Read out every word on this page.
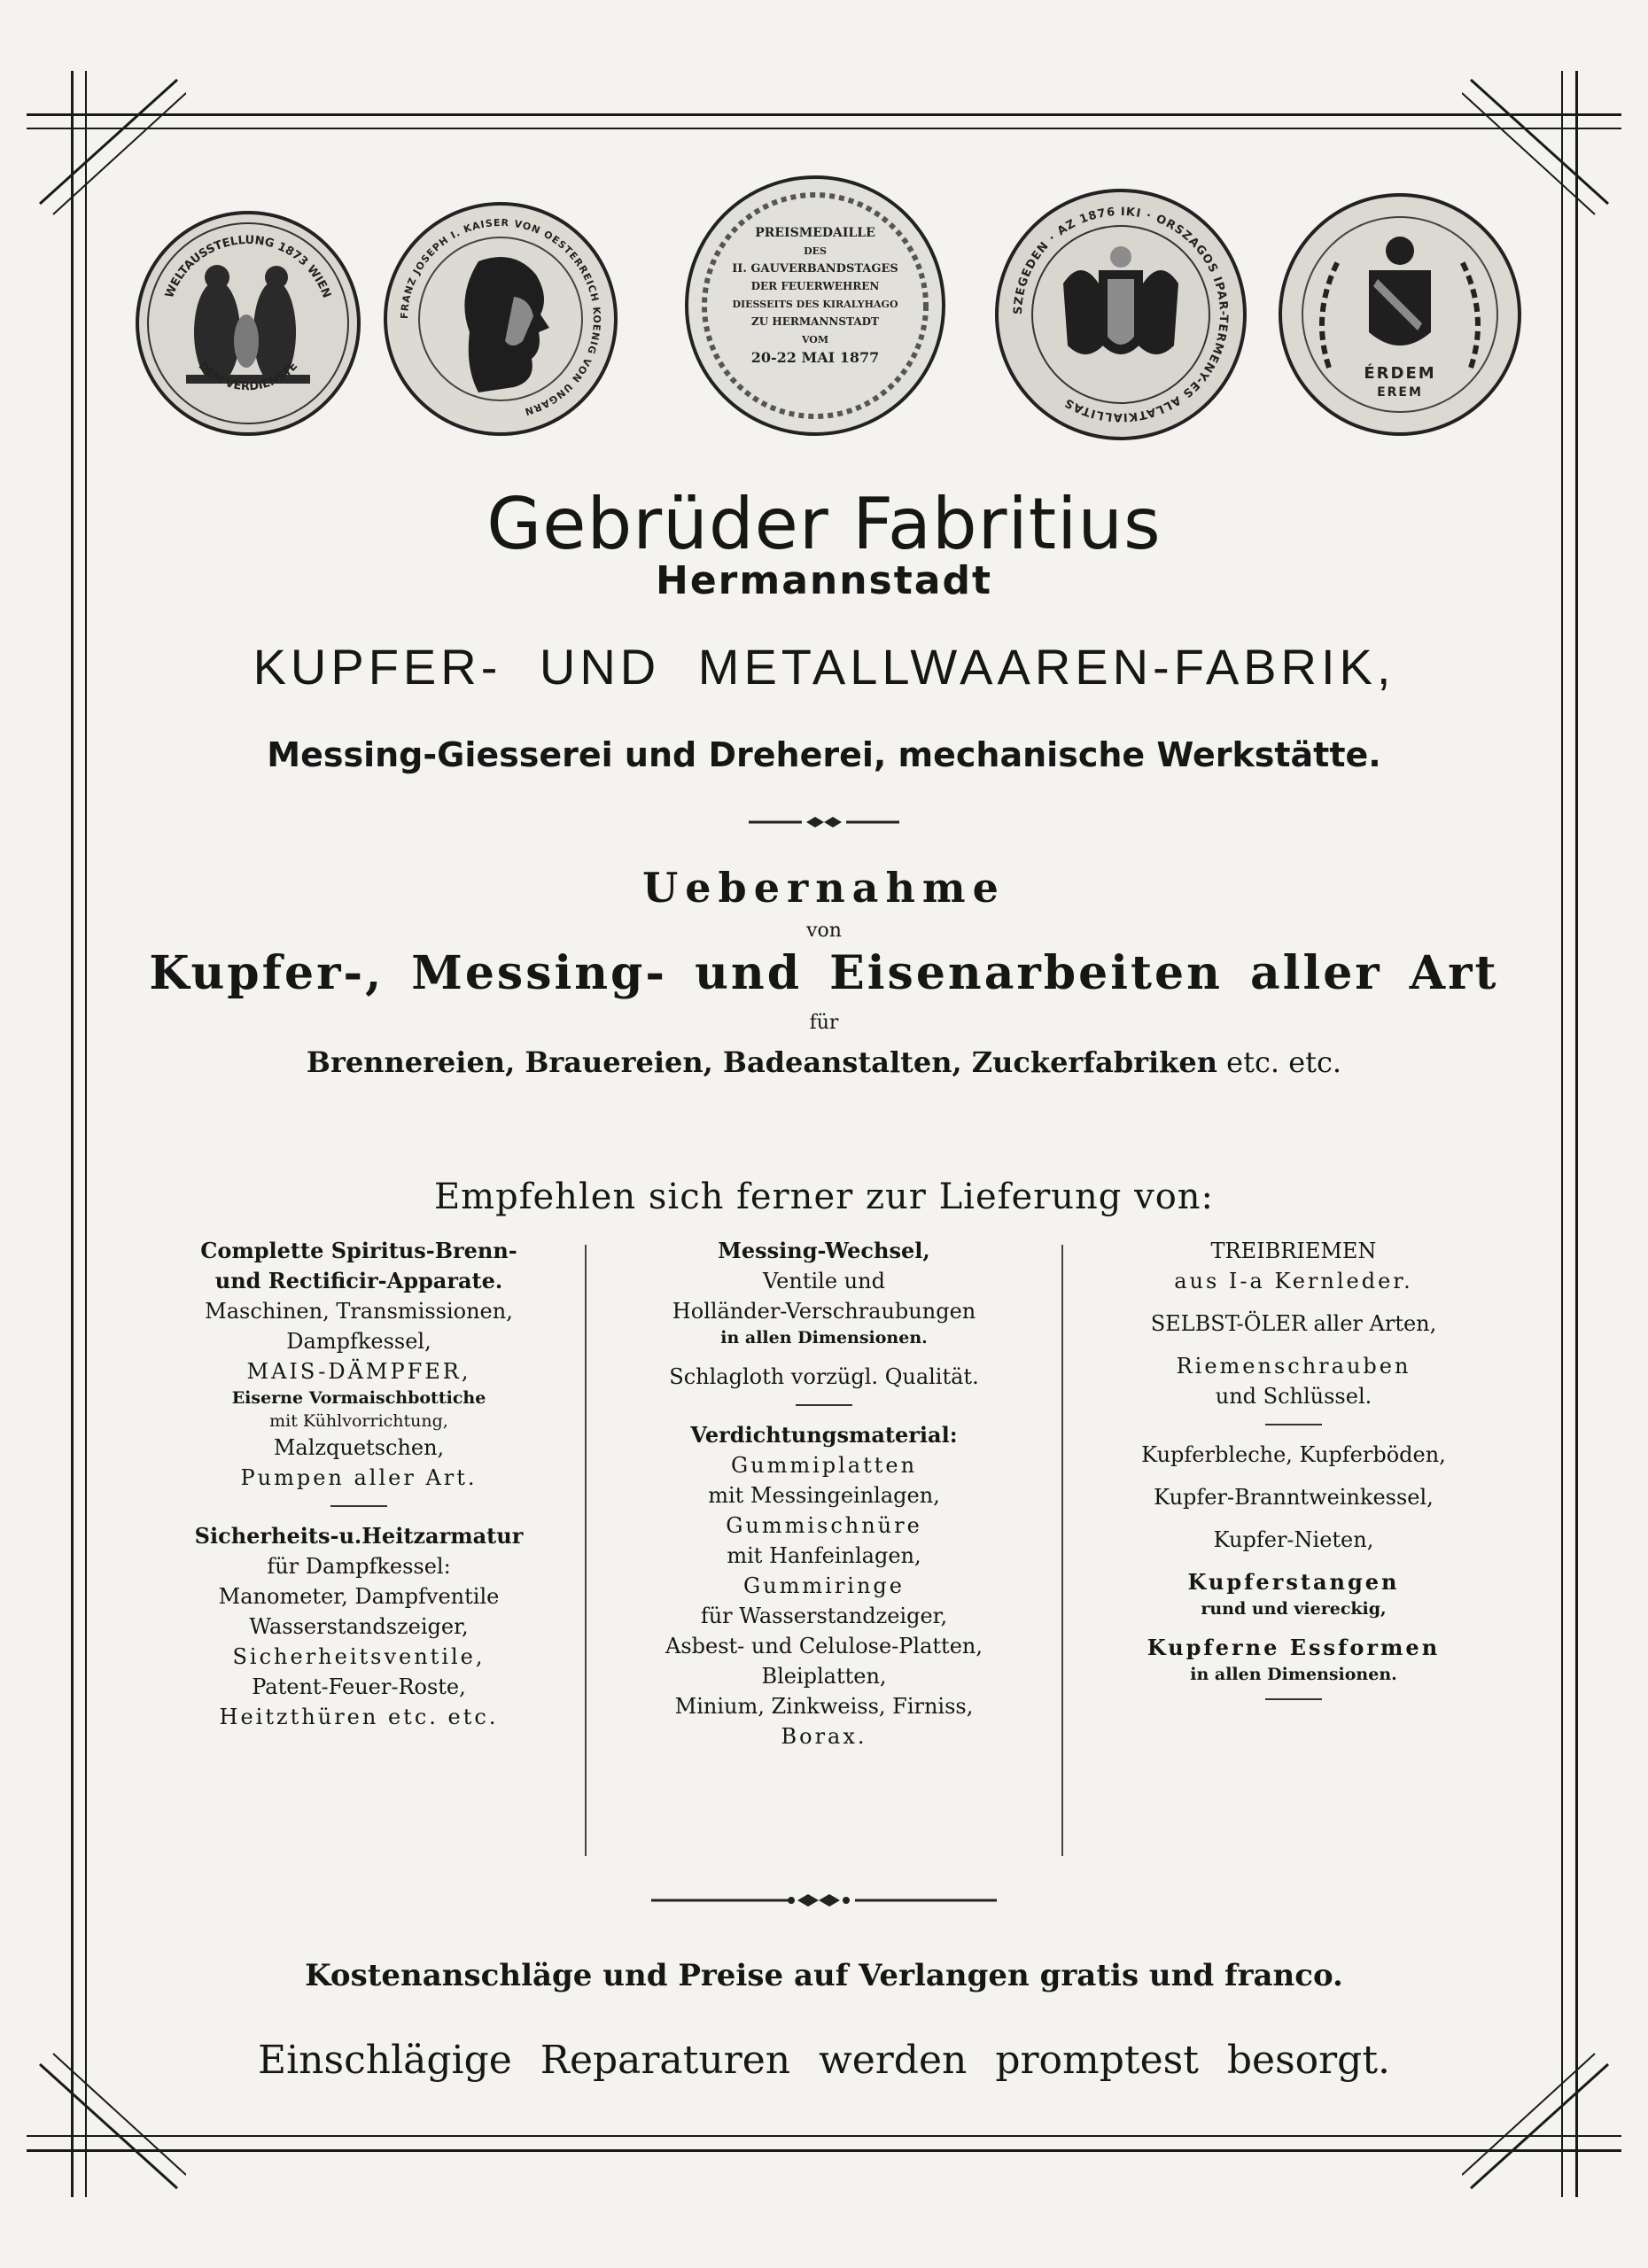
WELTAUSSTELLUNG 1873 WIEN
DEM VERDIENSTE
FRANZ JOSEPH I. KAISER VON OESTERREICH KOENIG VON UNGARN
PREISMEDAILLE
DES
II. GAUVERBANDSTAGES
DER FEUERWEHREN
DIESSEITS DES KIRALYHAGO
ZU HERMANNSTADT
VOM
20-22 MAI 1877
SZEGEDEN · AZ 1876 IKI · ORSZAGOS IPAR-TERMENY-ES ALLATKIALLITAS
ÉRDEM
EREM
Gebrüder Fabritius
Hermannstadt
KUPFER- UND METALLWAAREN-FABRIK,
Messing-Giesserei und Dreherei, mechanische Werkstätte.
Uebernahme
von
Kupfer-, Messing- und Eisenarbeiten aller Art
für
Brennereien, Brauereien, Badeanstalten, Zuckerfabriken etc. etc.
Empfehlen sich ferner zur Lieferung von:
Complette Spiritus-Brenn-
und Rectificir-Apparate.
Maschinen, Transmissionen,
Dampfkessel,
MAIS-DÄMPFER,
Eiserne Vormaischbottiche
mit Kühlvorrichtung,
Malzquetschen,
Pumpen aller Art.
Sicherheits-u.Heitzarmatur
für Dampfkessel:
Manometer, Dampfventile
Wasserstandszeiger,
Sicherheitsventile,
Patent-Feuer-Roste,
Heitzthüren etc. etc.
Messing-Wechsel,
Ventile und
Holländer-Verschraubungen
in allen Dimensionen.
Schlagloth vorzügl. Qualität.
Verdichtungsmaterial:
Gummiplatten
mit Messingeinlagen,
Gummischnüre
mit Hanfeinlagen,
Gummiringe
für Wasserstandzeiger,
Asbest- und Celulose-Platten,
Bleiplatten,
Minium, Zinkweiss, Firniss,
Borax.
TREIBRIEMEN
aus I-a Kernleder.
SELBST-ÖLER aller Arten,
Riemenschrauben
und Schlüssel.
Kupferbleche, Kupferböden,
Kupfer-Branntweinkessel,
Kupfer-Nieten,
Kupferstangen
rund und viereckig,
Kupferne Essformen
in allen Dimensionen.
Kostenanschläge und Preise auf Verlangen gratis und franco.
Einschlägige Reparaturen werden promptest besorgt.
